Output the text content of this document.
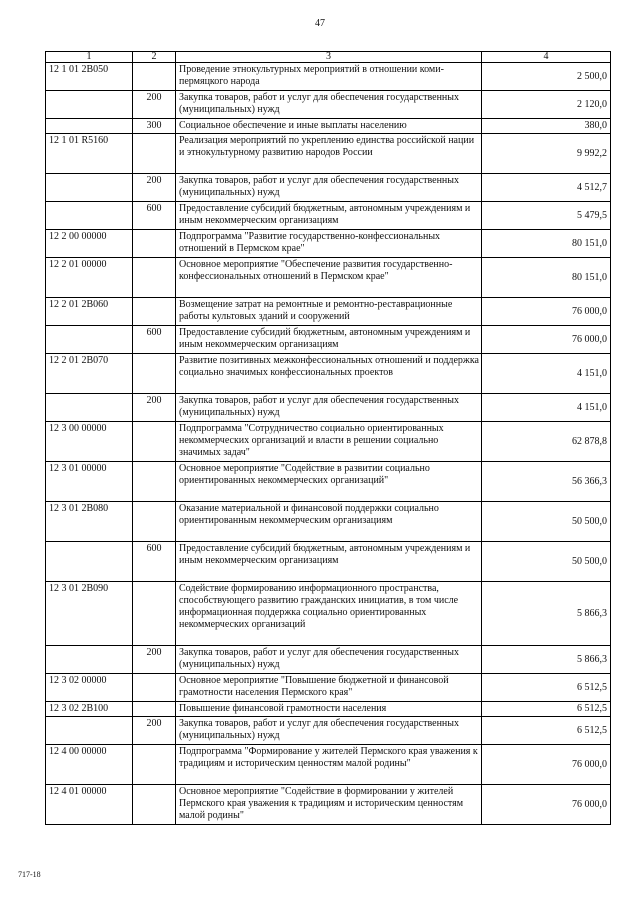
47
1	2	3	4
12 1 01 2В050		Проведение этнокультурных мероприятий в отношении коми-пермяцкого народа	2 500,0
	200	Закупка товаров, работ и услуг для обеспечения государственных (муниципальных) нужд	2 120,0
	300	Социальное обеспечение и иные выплаты населению	380,0
12 1 01 R5160		Реализация мероприятий по укреплению единства российской нации и этнокультурному развитию народов России	9 992,2
	200	Закупка товаров, работ и услуг для обеспечения государственных (муниципальных) нужд	4 512,7
	600	Предоставление субсидий бюджетным, автономным учреждениям и иным некоммерческим организациям	5 479,5
12 2 00 00000		Подпрограмма "Развитие государственно-конфессиональных отношений в Пермском крае"	80 151,0
12 2 01 00000		Основное мероприятие "Обеспечение развития государственно-конфессиональных отношений в Пермском крае"	80 151,0
12 2 01 2В060		Возмещение затрат на ремонтные и ремонтно-реставрационные работы культовых зданий и сооружений	76 000,0
	600	Предоставление субсидий бюджетным, автономным учреждениям и иным некоммерческим организациям	76 000,0
12 2 01 2В070		Развитие позитивных межконфессиональных отношений и поддержка социально значимых конфессиональных проектов	4 151,0
	200	Закупка товаров, работ и услуг для обеспечения государственных (муниципальных) нужд	4 151,0
12 3 00 00000		Подпрограмма "Сотрудничество социально ориентированных некоммерческих организаций и власти в решении социально значимых задач"	62 878,8
12 3 01 00000		Основное мероприятие "Содействие в развитии социально ориентированных некоммерческих организаций"	56 366,3
12 3 01 2В080		Оказание материальной и финансовой поддержки социально ориентированным некоммерческим организациям	50 500,0
	600	Предоставление субсидий бюджетным, автономным учреждениям и иным некоммерческим организациям	50 500,0
12 3 01 2В090		Содействие формированию информационного пространства, способствующего развитию гражданских инициатив, в том числе информационная поддержка социально ориентированных некоммерческих организаций	5 866,3
	200	Закупка товаров, работ и услуг для обеспечения государственных (муниципальных) нужд	5 866,3
12 3 02 00000		Основное мероприятие "Повышение бюджетной и финансовой грамотности населения Пермского края"	6 512,5
12 3 02 2В100		Повышение финансовой грамотности населения	6 512,5
	200	Закупка товаров, работ и услуг для обеспечения государственных (муниципальных) нужд	6 512,5
12 4 00 00000		Подпрограмма "Формирование у жителей Пермского края уважения к традициям и историческим ценностям малой родины"	76 000,0
12 4 01 00000		Основное мероприятие "Содействие в формировании у жителей Пермского края уважения к традициям и историческим ценностям малой родины"	76 000,0
717-18
